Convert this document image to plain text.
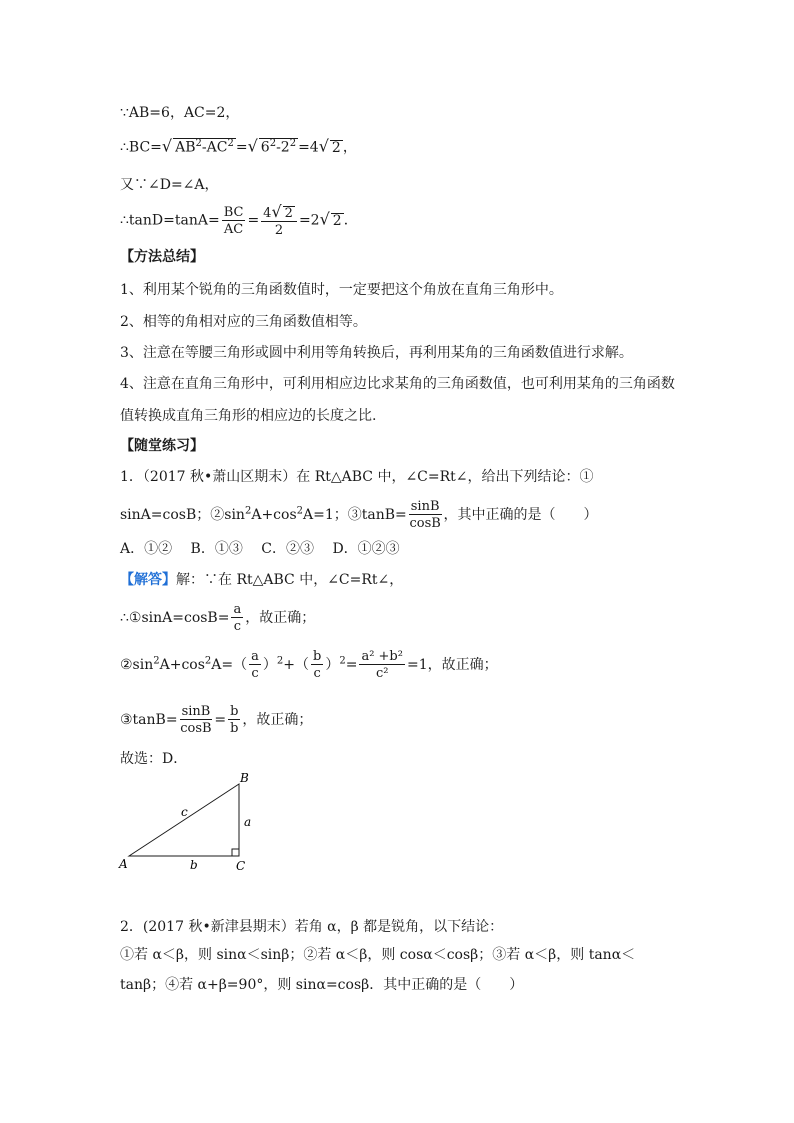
∵AB=6，AC=2，
∴BC=√ $AB^2-AC^2$ =√ $6^2-2^2 =4√$ 2 ，
又∵∠D=∠A，
∴tanD=tanA= $\frac{BC}{AC} = \frac{4√ 2}{2} =2√$ 2 ．
【方法总结】
1、利用某个锐角的三角函数值时，一定要把这个角放在直角三角形中。
2、相等的角相对应的三角函数值相等。
3、注意在等腰三角形或圆中利用等角转换后，再利用某角的三角函数值进行求解。
4、注意在直角三角形中，可利用相应边比求某角的三角函数值，也可利用某角的三角函数
值转换成直角三角形的相应边的长度之比.
【随堂练习】
1．（2017 秋•萧山区期末）在 Rt△ABC 中，∠C=Rt∠，给出下列结论：①
sinA=cosB；$②\sin^2A+\cos^2A=1$；③tanB= $\frac{\sin B}{\cos B}$ ，其中正确的是（　　）
A．①②　 B．①③　 C．②③　 D．①②③
【解答】解：∵在 Rt△ABC 中，∠C=Rt∠，
∴①sinA=cosB= $\frac{a}{c}$ ，故正确；
$②\sin^2A+\cos^2A=( \frac{a}{c} )^2+( \frac{b}{c} )^2= \frac{\text{a² +b²}}{\text{c²}} =1$，故正确；
③tanB= $\frac{\sin B}{\cos B} = \frac{b}{b}$ ，故正确；
故选：D．
A
B
C
c
a
b
2．(2017 秋•新津县期末）若角 α，β 都是锐角，以下结论：
①若 α＜β，则 sinα＜sinβ；②若 α＜β，则 cosα＜cosβ；③若 α＜β，则 tanα＜
tanβ；④若 α+β=90°，则 sinα=cosβ．其中正确的是（　　）
